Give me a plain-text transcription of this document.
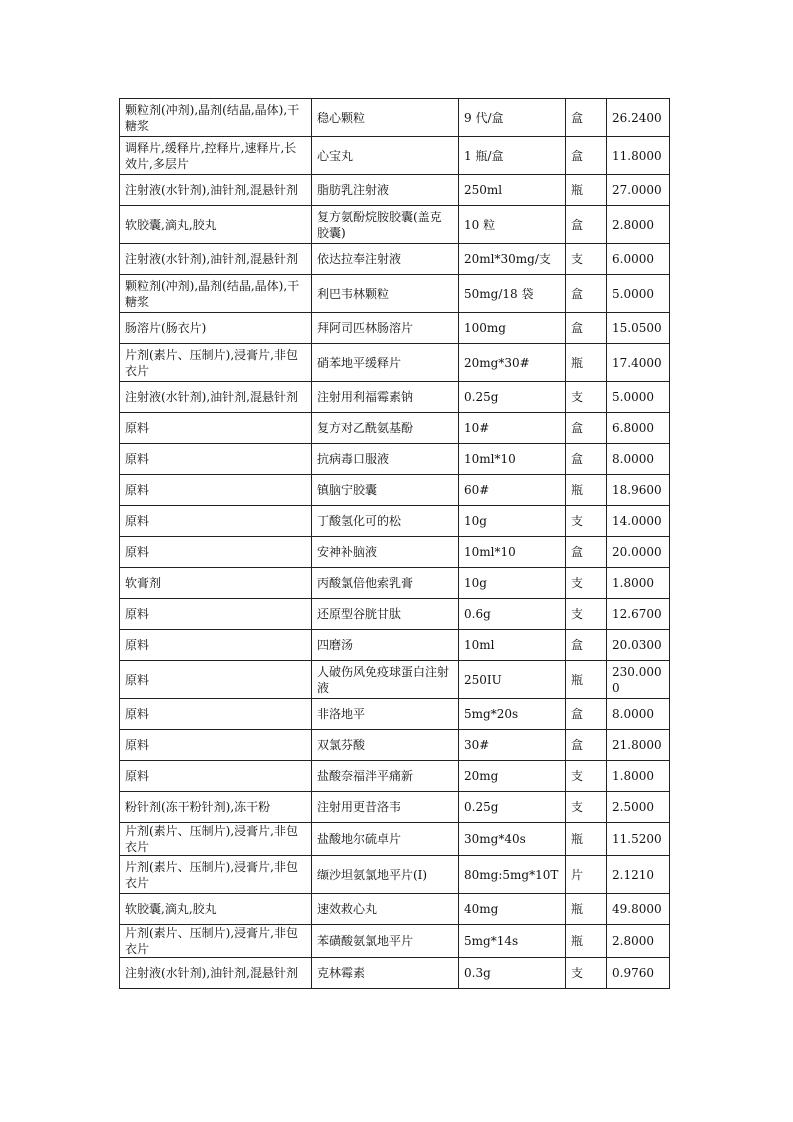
颗粒剂(冲剂),晶剂(结晶,晶体),干糖浆	稳心颗粒	9 代/盒	盒	26.2400
调释片,缓释片,控释片,速释片,长效片,多层片	心宝丸	1 瓶/盒	盒	11.8000
注射液(水针剂),油针剂,混悬针剂	脂肪乳注射液	250ml	瓶	27.0000
软胶囊,滴丸,胶丸	复方氨酚烷胺胶囊(盖克胶囊)	10 粒	盒	2.8000
注射液(水针剂),油针剂,混悬针剂	依达拉奉注射液	20ml*30mg/支	支	6.0000
颗粒剂(冲剂),晶剂(结晶,晶体),干糖浆	利巴韦林颗粒	50mg/18 袋	盒	5.0000
肠溶片(肠衣片)	拜阿司匹林肠溶片	100mg	盒	15.0500
片剂(素片、压制片),浸膏片,非包衣片	硝苯地平缓释片	20mg*30#	瓶	17.4000
注射液(水针剂),油针剂,混悬针剂	注射用利福霉素钠	0.25g	支	5.0000
原料	复方对乙酰氨基酚	10#	盒	6.8000
原料	抗病毒口服液	10ml*10	盒	8.0000
原料	镇脑宁胶囊	60#	瓶	18.9600
原料	丁酸氢化可的松	10g	支	14.0000
原料	安神补脑液	10ml*10	盒	20.0000
软膏剂	丙酸氯倍他索乳膏	10g	支	1.8000
原料	还原型谷胱甘肽	0.6g	支	12.6700
原料	四磨汤	10ml	盒	20.0300
原料	人破伤风免疫球蛋白注射液	250IU	瓶	230.0000
原料	非洛地平	5mg*20s	盒	8.0000
原料	双氯芬酸	30#	盒	21.8000
原料	盐酸奈福泮平痛新	20mg	支	1.8000
粉针剂(冻干粉针剂),冻干粉	注射用更昔洛韦	0.25g	支	2.5000
片剂(素片、压制片),浸膏片,非包衣片	盐酸地尔硫卓片	30mg*40s	瓶	11.5200
片剂(素片、压制片),浸膏片,非包衣片	缬沙坦氨氯地平片(Ⅰ)	80mg:5mg*10T	片	2.1210
软胶囊,滴丸,胶丸	速效救心丸	40mg	瓶	49.8000
片剂(素片、压制片),浸膏片,非包衣片	苯磺酸氨氯地平片	5mg*14s	瓶	2.8000
注射液(水针剂),油针剂,混悬针剂	克林霉素	0.3g	支	0.9760
